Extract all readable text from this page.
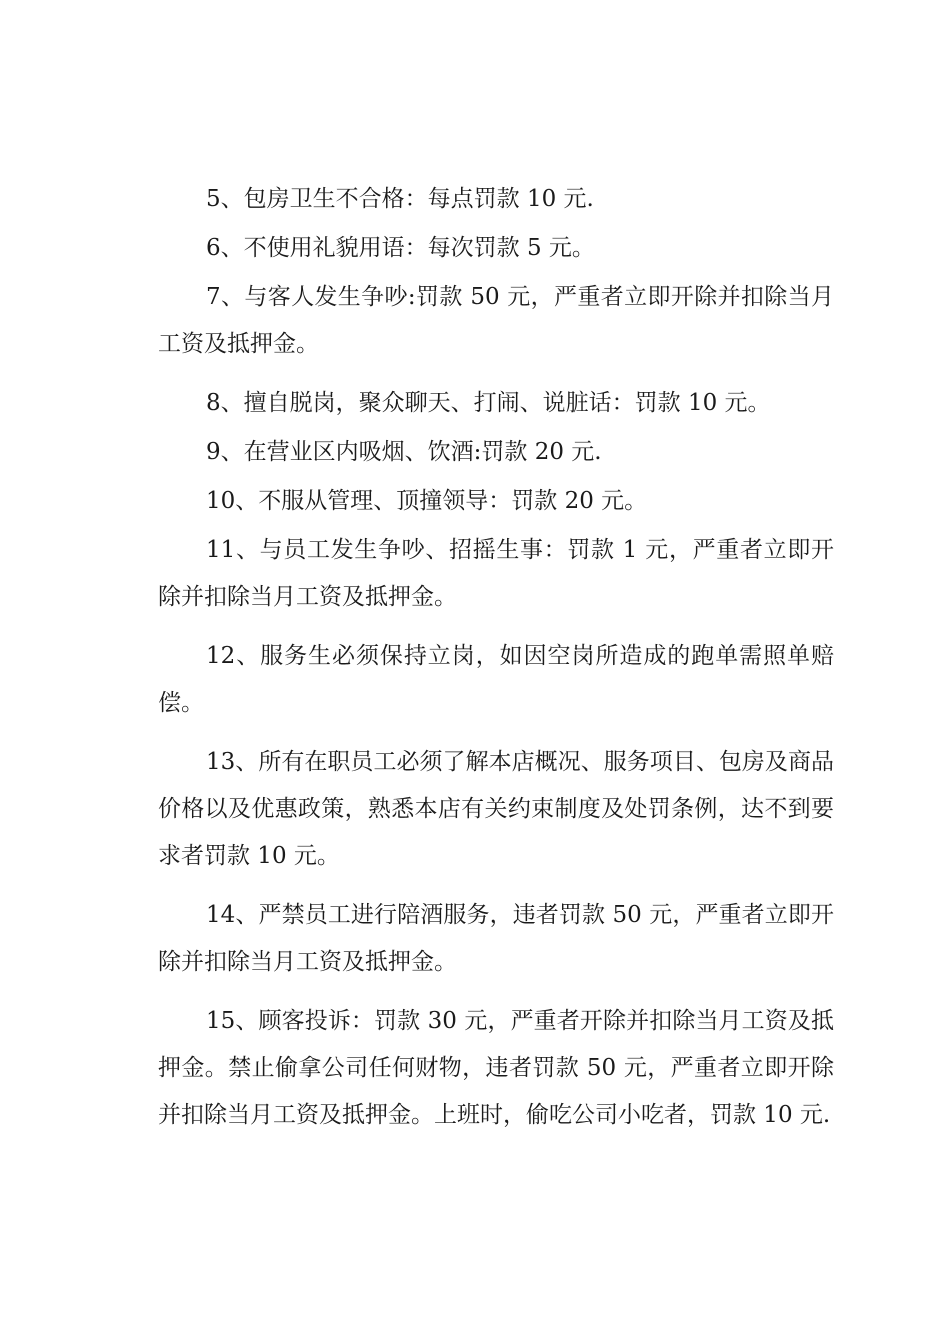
5、包房卫生不合格：每点罚款 10 元.

6、不使用礼貌用语：每次罚款 5 元。

7、与客人发生争吵:罚款 50 元，严重者立即开除并扣除当月工资及抵押金。

8、擅自脱岗，聚众聊天、打闹、说脏话：罚款 10 元。

9、在营业区内吸烟、饮酒:罚款 20 元.

10、不服从管理、顶撞领导：罚款 20 元。

11、与员工发生争吵、招摇生事：罚款 1 元，严重者立即开除并扣除当月工资及抵押金。

12、服务生必须保持立岗，如因空岗所造成的跑单需照单赔偿。

13、所有在职员工必须了解本店概况、服务项目、包房及商品价格以及优惠政策，熟悉本店有关约束制度及处罚条例，达不到要求者罚款 10 元。

14、严禁员工进行陪酒服务，违者罚款 50 元，严重者立即开除并扣除当月工资及抵押金。

15、顾客投诉：罚款 30 元，严重者开除并扣除当月工资及抵押金。禁止偷拿公司任何财物，违者罚款 50 元，严重者立即开除并扣除当月工资及抵押金。上班时，偷吃公司小吃者，罚款 10 元.
